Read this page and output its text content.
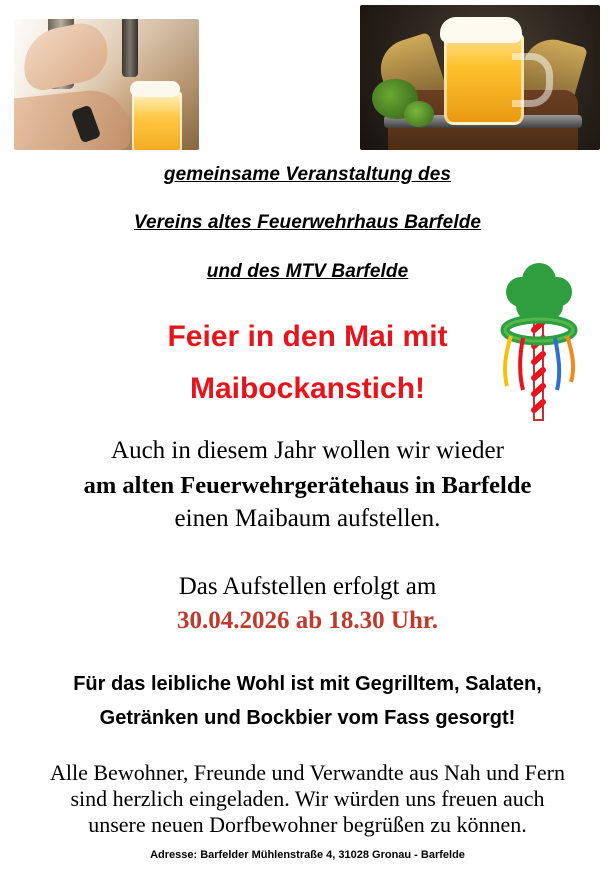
gemeinsame Veranstaltung des
Vereins altes Feuerwehrhaus Barfelde
und des MTV Barfelde
Feier in den Mai mit
Maibockanstich!
Auch in diesem Jahr wollen wir wieder
am alten Feuerwehrgerätehaus in Barfelde
einen Maibaum aufstellen.
Das Aufstellen erfolgt am
30.04.2026 ab 18.30 Uhr.
Für das leibliche Wohl ist mit Gegrilltem, Salaten,
Getränken und Bockbier vom Fass gesorgt!
Alle Bewohner, Freunde und Verwandte aus Nah und Fern
sind herzlich eingeladen. Wir würden uns freuen auch
unsere neuen Dorfbewohner begrüßen zu können.
Adresse: Barfelder Mühlenstraße 4, 31028 Gronau - Barfelde
